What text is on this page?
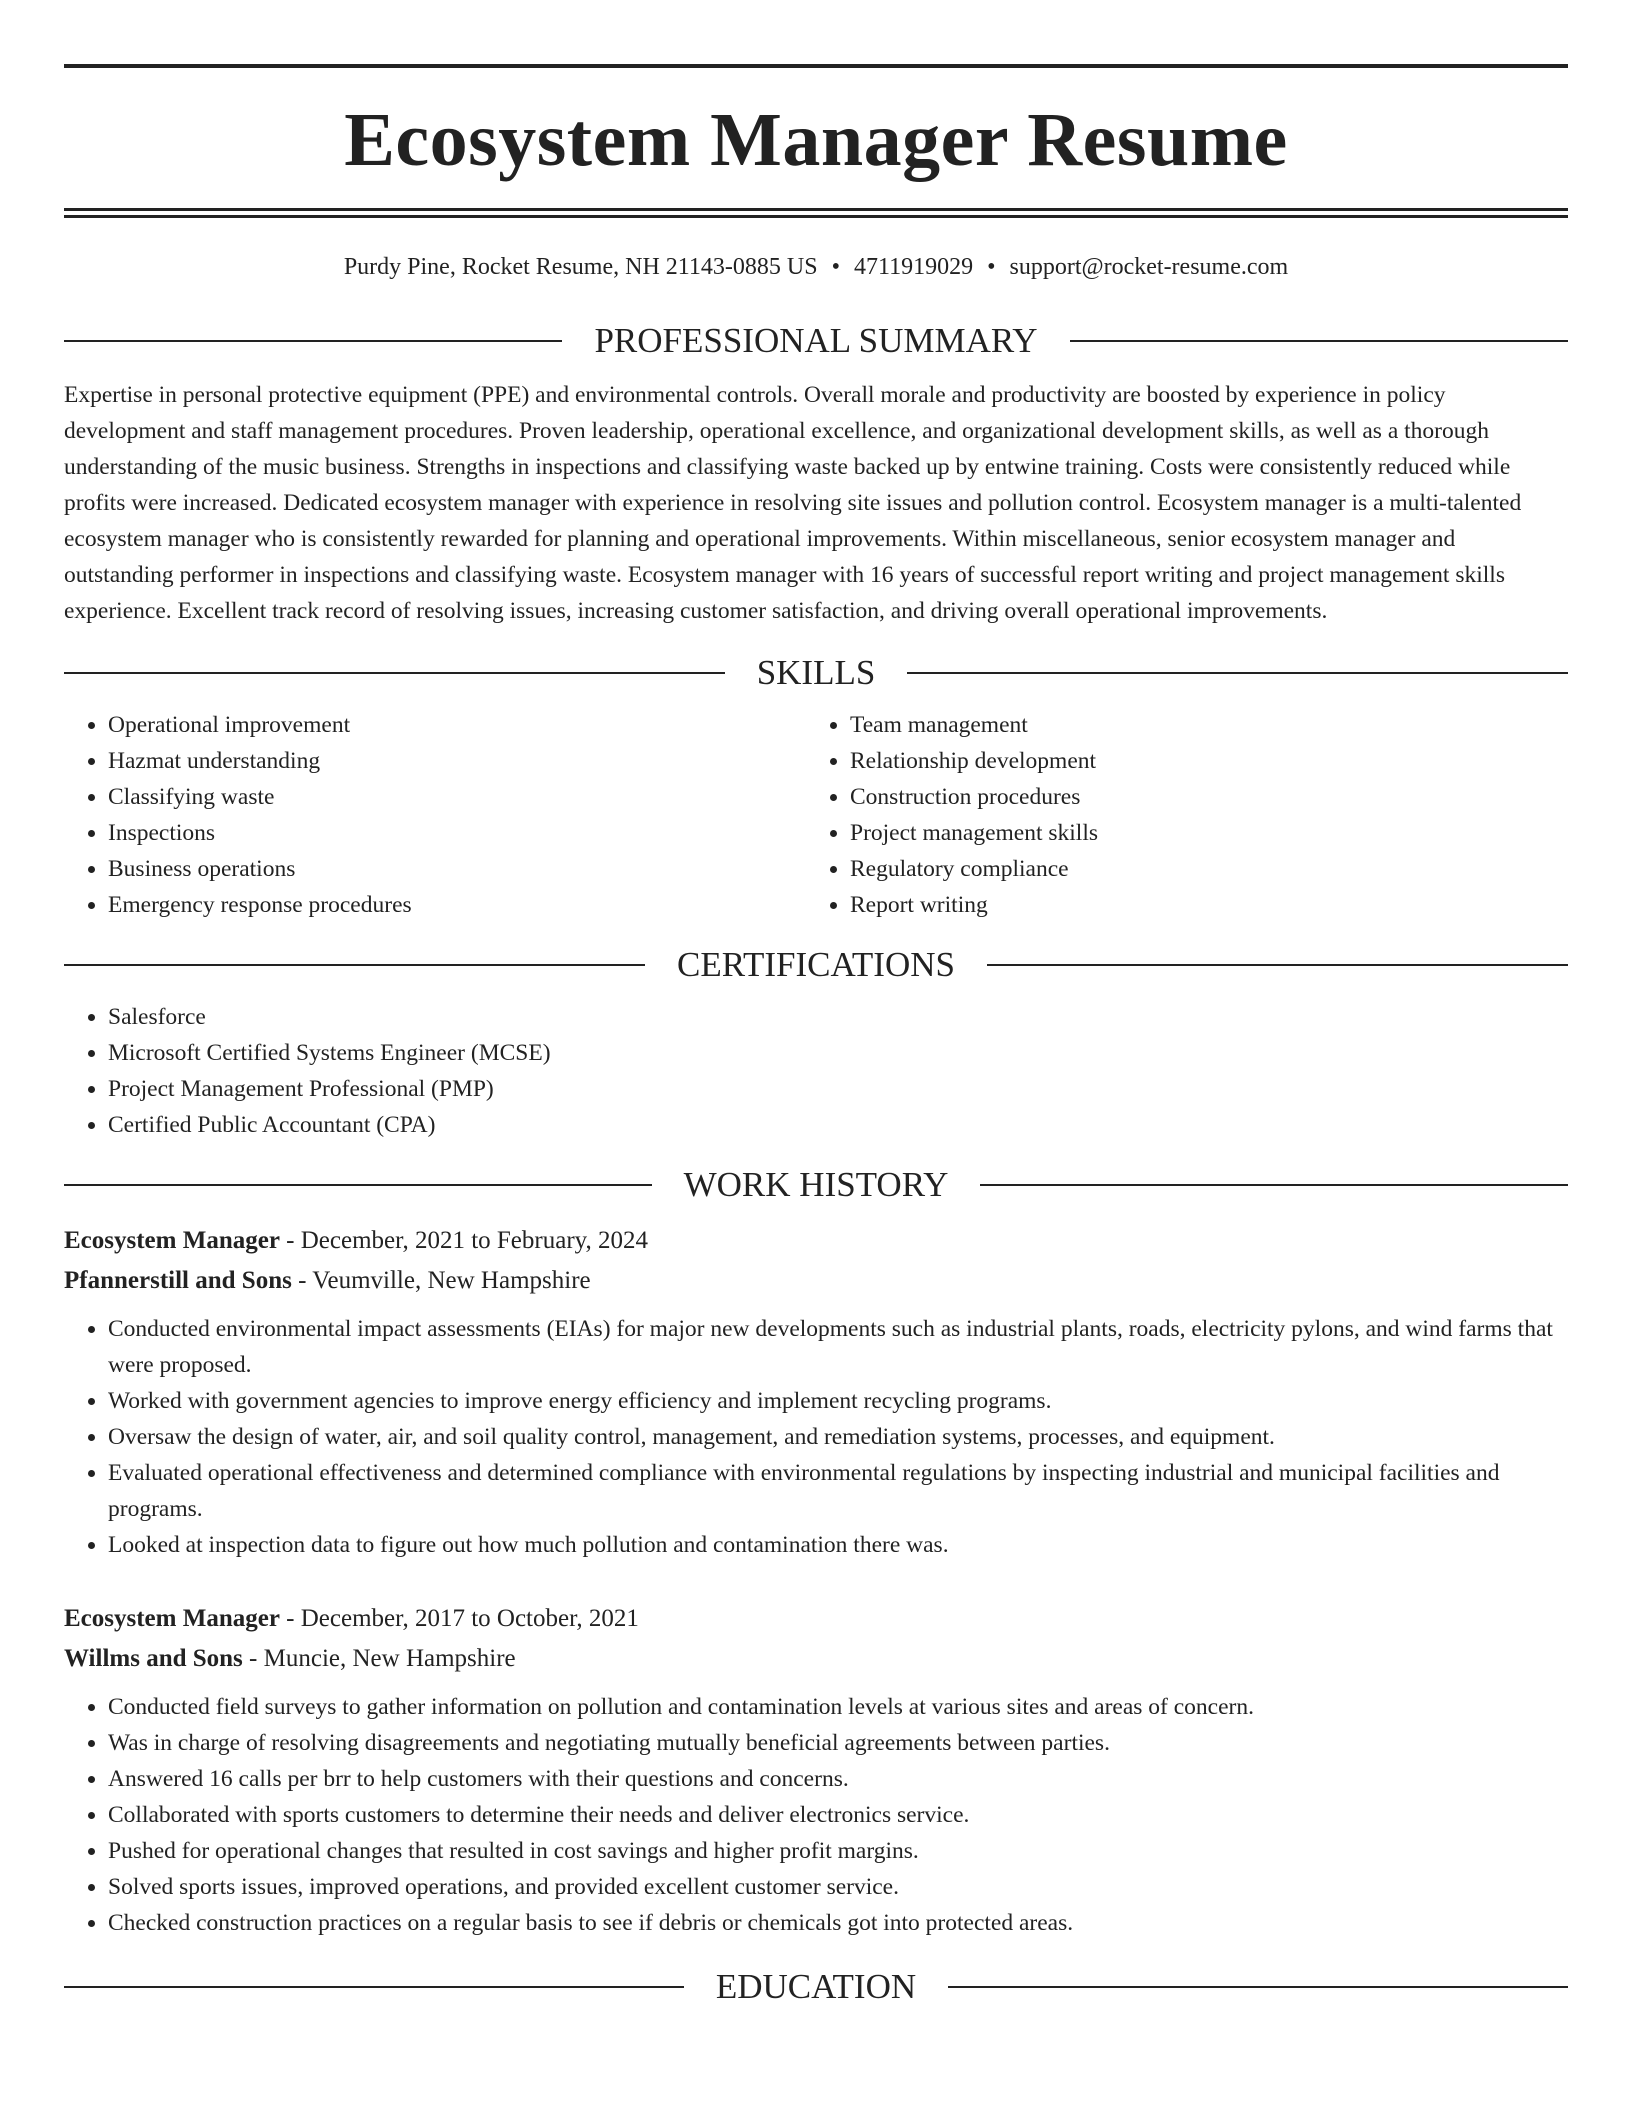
Ecosystem Manager Resume
Purdy Pine, Rocket Resume, NH 21143-0885 US • 4711919029 • support@rocket-resume.com
PROFESSIONAL SUMMARY

Expertise in personal protective equipment (PPE) and environmental controls. Overall morale and productivity are boosted by experience in policy development and staff management procedures. Proven leadership, operational excellence, and organizational development skills, as well as a thorough understanding of the music business. Strengths in inspections and classifying waste backed up by entwine training. Costs were consistently reduced while profits were increased. Dedicated ecosystem manager with experience in resolving site issues and pollution control. Ecosystem manager is a multi-talented ecosystem manager who is consistently rewarded for planning and operational improvements. Within miscellaneous, senior ecosystem manager and outstanding performer in inspections and classifying waste. Ecosystem manager with 16 years of successful report writing and project management skills experience. Excellent track record of resolving issues, increasing customer satisfaction, and driving overall operational improvements.

SKILLS
• Operational improvement
• Hazmat understanding
• Classifying waste
• Inspections
• Business operations
• Emergency response procedures
• Team management
• Relationship development
• Construction procedures
• Project management skills
• Regulatory compliance
• Report writing
CERTIFICATIONS
• Salesforce
• Microsoft Certified Systems Engineer (MCSE)
• Project Management Professional (PMP)
• Certified Public Accountant (CPA)
WORK HISTORY
Ecosystem Manager - December, 2021 to February, 2024
Pfannerstill and Sons - Veumville, New Hampshire
• Conducted environmental impact assessments (EIAs) for major new developments such as industrial plants, roads, electricity pylons, and wind farms that were proposed.
• Worked with government agencies to improve energy efficiency and implement recycling programs.
• Oversaw the design of water, air, and soil quality control, management, and remediation systems, processes, and equipment.
• Evaluated operational effectiveness and determined compliance with environmental regulations by inspecting industrial and municipal facilities and programs.
• Looked at inspection data to figure out how much pollution and contamination there was.
Ecosystem Manager - December, 2017 to October, 2021
Willms and Sons - Muncie, New Hampshire
• Conducted field surveys to gather information on pollution and contamination levels at various sites and areas of concern.
• Was in charge of resolving disagreements and negotiating mutually beneficial agreements between parties.
• Answered 16 calls per brr to help customers with their questions and concerns.
• Collaborated with sports customers to determine their needs and deliver electronics service.
• Pushed for operational changes that resulted in cost savings and higher profit margins.
• Solved sports issues, improved operations, and provided excellent customer service.
• Checked construction practices on a regular basis to see if debris or chemicals got into protected areas.
EDUCATION
